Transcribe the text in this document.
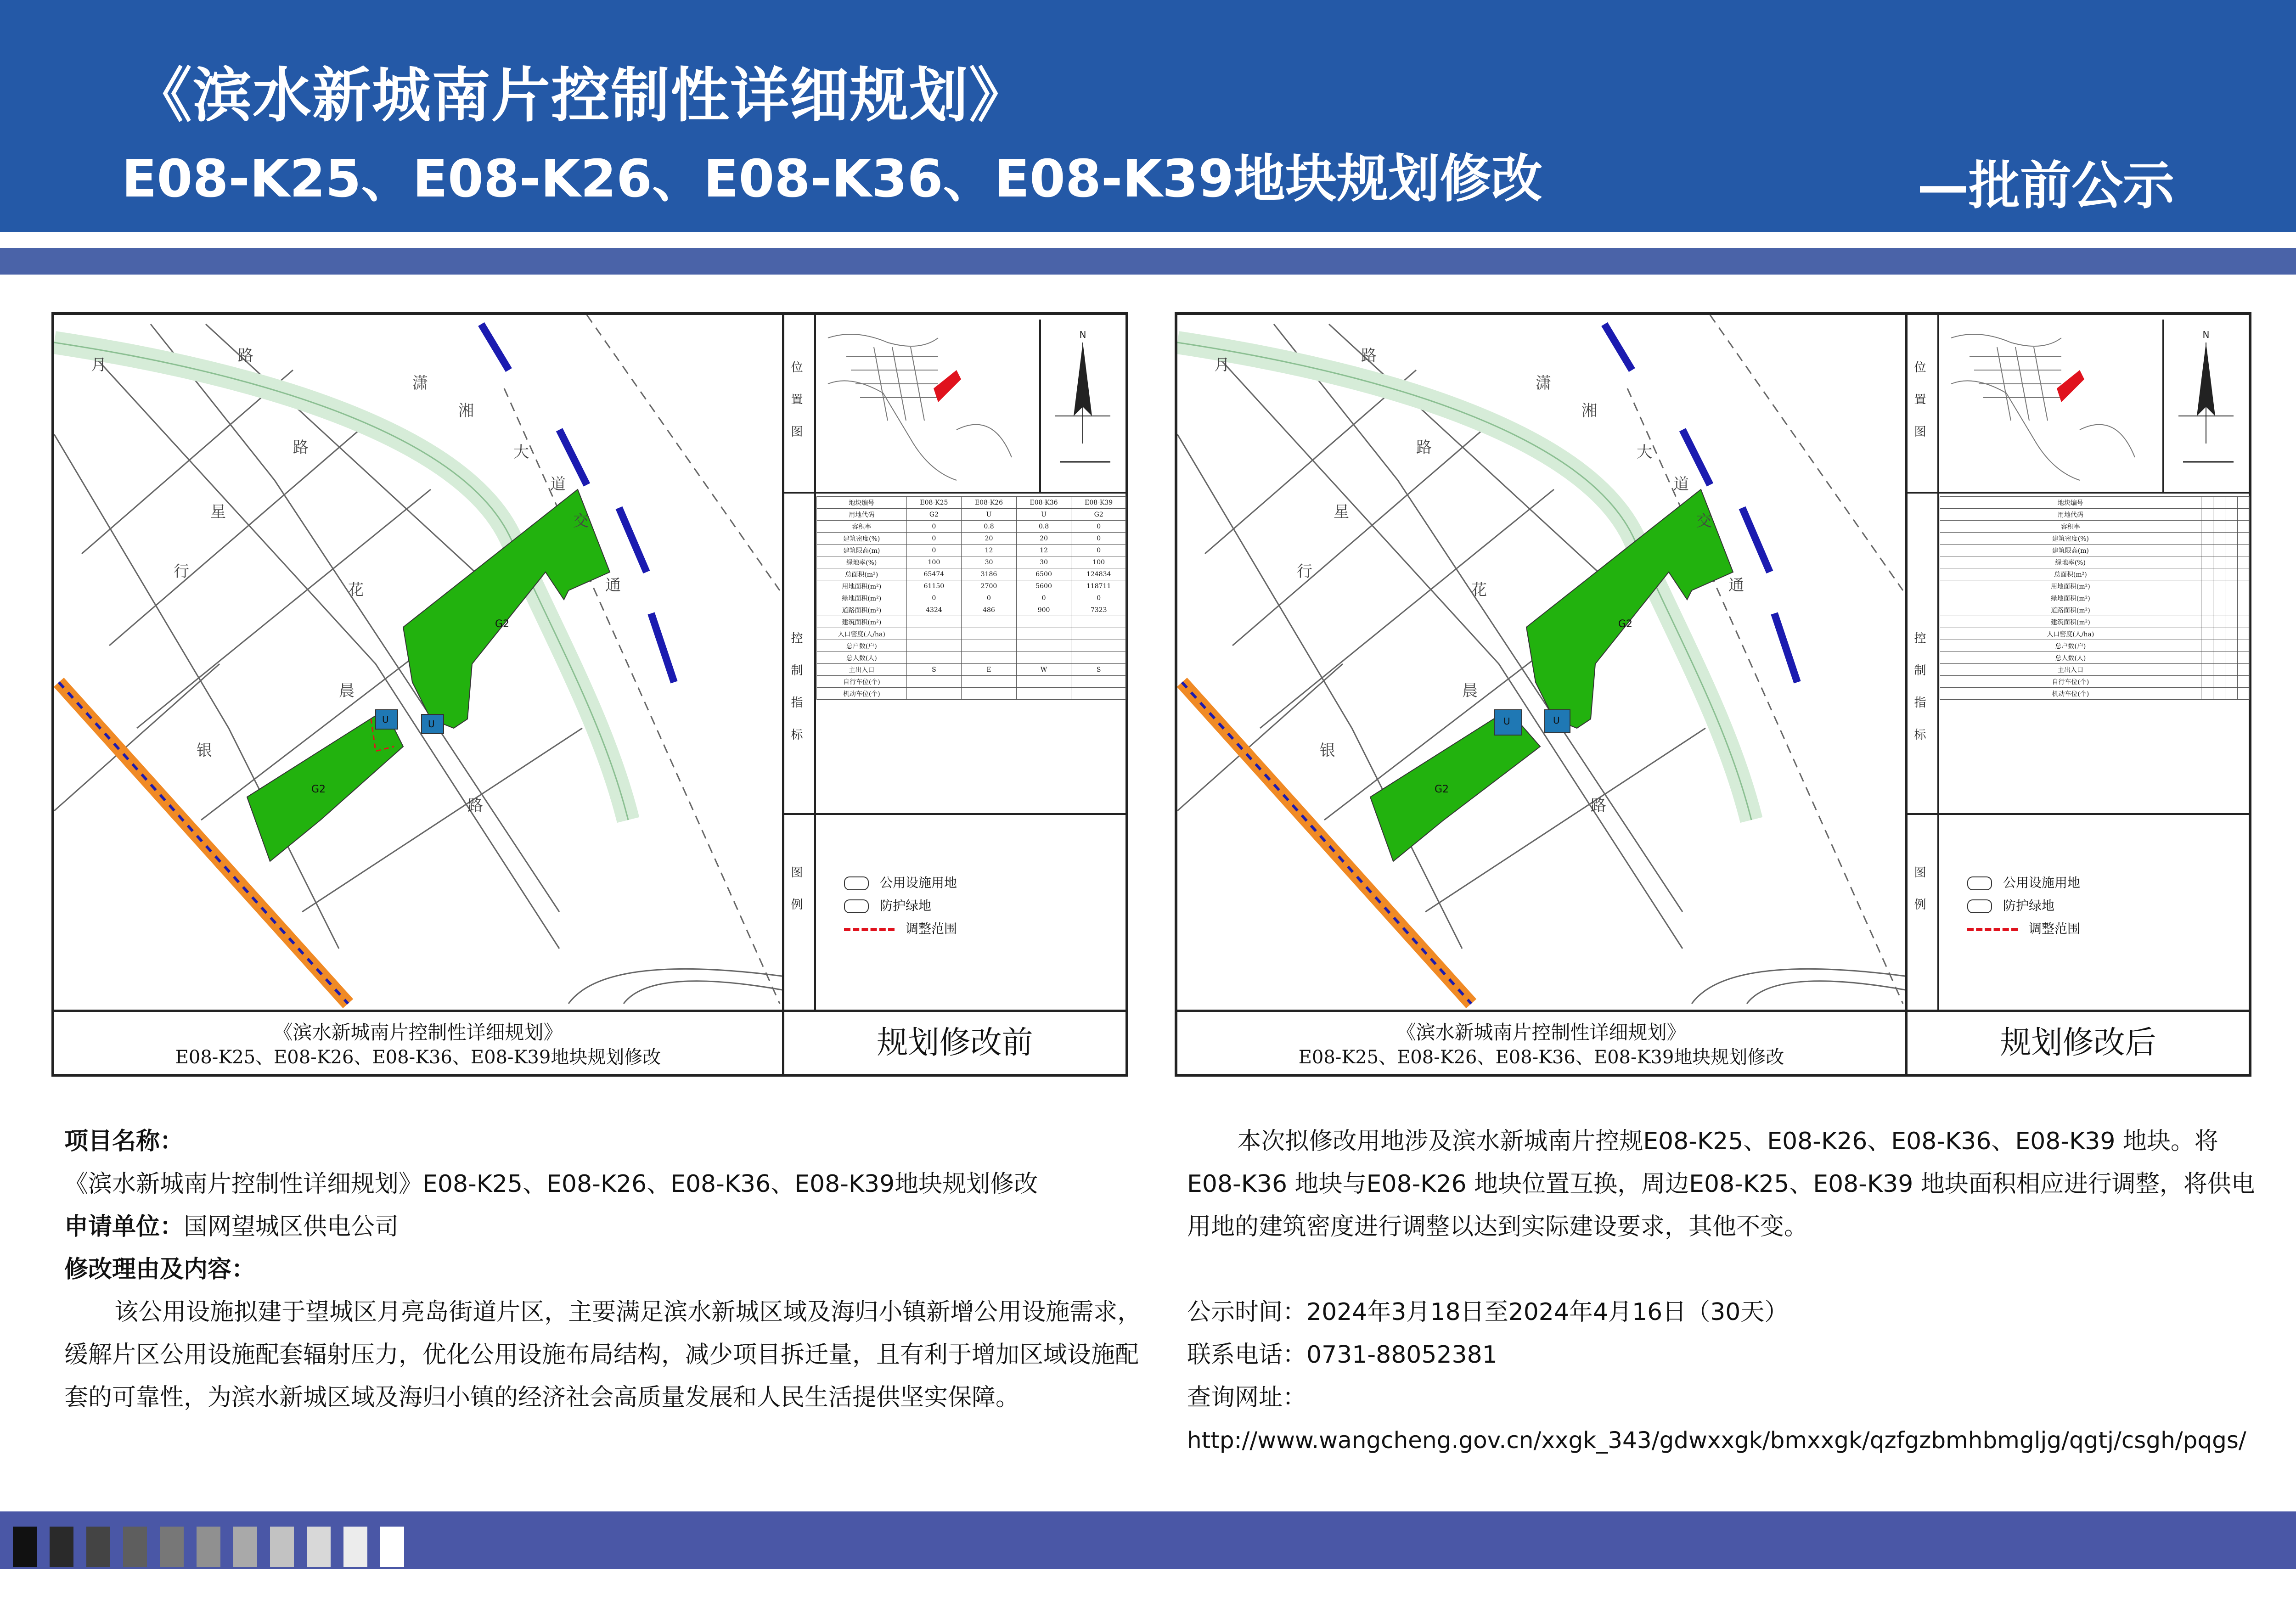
《滨水新城南片控制性详细规划》
E08-K25、E08-K26、E08-K36、E08-K39地块规划修改	—批前公示
G2
G2
U	U
路
潇
湘
大
道
交
通
路
星
行
花
晨
银
路
月	位 置 图
N
控 制 指 标
地块编号	E08-K25	E08-K26	E08-K36	E08-K39
用地代码	G2	U	U	G2
容积率	0	0.8	0.8	0
建筑密度(%)	0	20	20	0
建筑限高(m)	0	12	12	0
绿地率(%)	100	30	30	100
总面积(m²)	65474	3186	6500	124834
用地面积(m²)	61150	2700	5600	118711
绿地面积(m²)	0	0	0	0
道路面积(m²)	4324	486	900	7323
建筑面积(m²)				
人口密度(人/ha)				
总户数(户)				
总人数(人)				
主出入口	S	E	W	S
自行车位(个)				
机动车位(个)				
图 例
公用设施用地
防护绿地
调整范围
《滨水新城南片控制性详细规划》
E08-K25、E08-K26、E08-K36、E08-K39地块规划修改	规划修改前
G2
G2
U	U
路
潇
湘
大
道
交
通
路
星
行
花
晨
银
路
月	位 置 图
N
控 制 指 标
地块编号				
用地代码				
容积率				
建筑密度(%)				
建筑限高(m)				
绿地率(%)				
总面积(m²)				
用地面积(m²)				
绿地面积(m²)				
道路面积(m²)				
建筑面积(m²)				
人口密度(人/ha)				
总户数(户)				
总人数(人)				
主出入口				
自行车位(个)				
机动车位(个)				
图 例
公用设施用地
防护绿地
调整范围
《滨水新城南片控制性详细规划》
E08-K25、E08-K26、E08-K36、E08-K39地块规划修改	规划修改后
项目名称：
《滨水新城南片控制性详细规划》E08-K25、E08-K26、E08-K36、E08-K39地块规划修改
申请单位：国网望城区供电公司
修改理由及内容：
该公用设施拟建于望城区月亮岛街道片区，主要满足滨水新城区域及海归小镇新增公用设施需求，缓解片区公用设施配套辐射压力，优化公用设施布局结构，减少项目拆迁量，且有利于增加区域设施配套的可靠性，为滨水新城区域及海归小镇的经济社会高质量发展和人民生活提供坚实保障。
本次拟修改用地涉及滨水新城南片控规E08-K25、E08-K26、E08-K36、E08-K39 地块。将E08-K36 地块与E08-K26 地块位置互换，周边E08-K25、E08-K39 地块面积相应进行调整，将供电用地的建筑密度进行调整以达到实际建设要求，其他不变。
公示时间：2024年3月18日至2024年4月16日（30天）
联系电话：0731-88052381
查询网址：
http://www.wangcheng.gov.cn/xxgk_343/gdwxxgk/bmxxgk/qzfgzbmhbmgljg/qgtj/csgh/pqgs/
